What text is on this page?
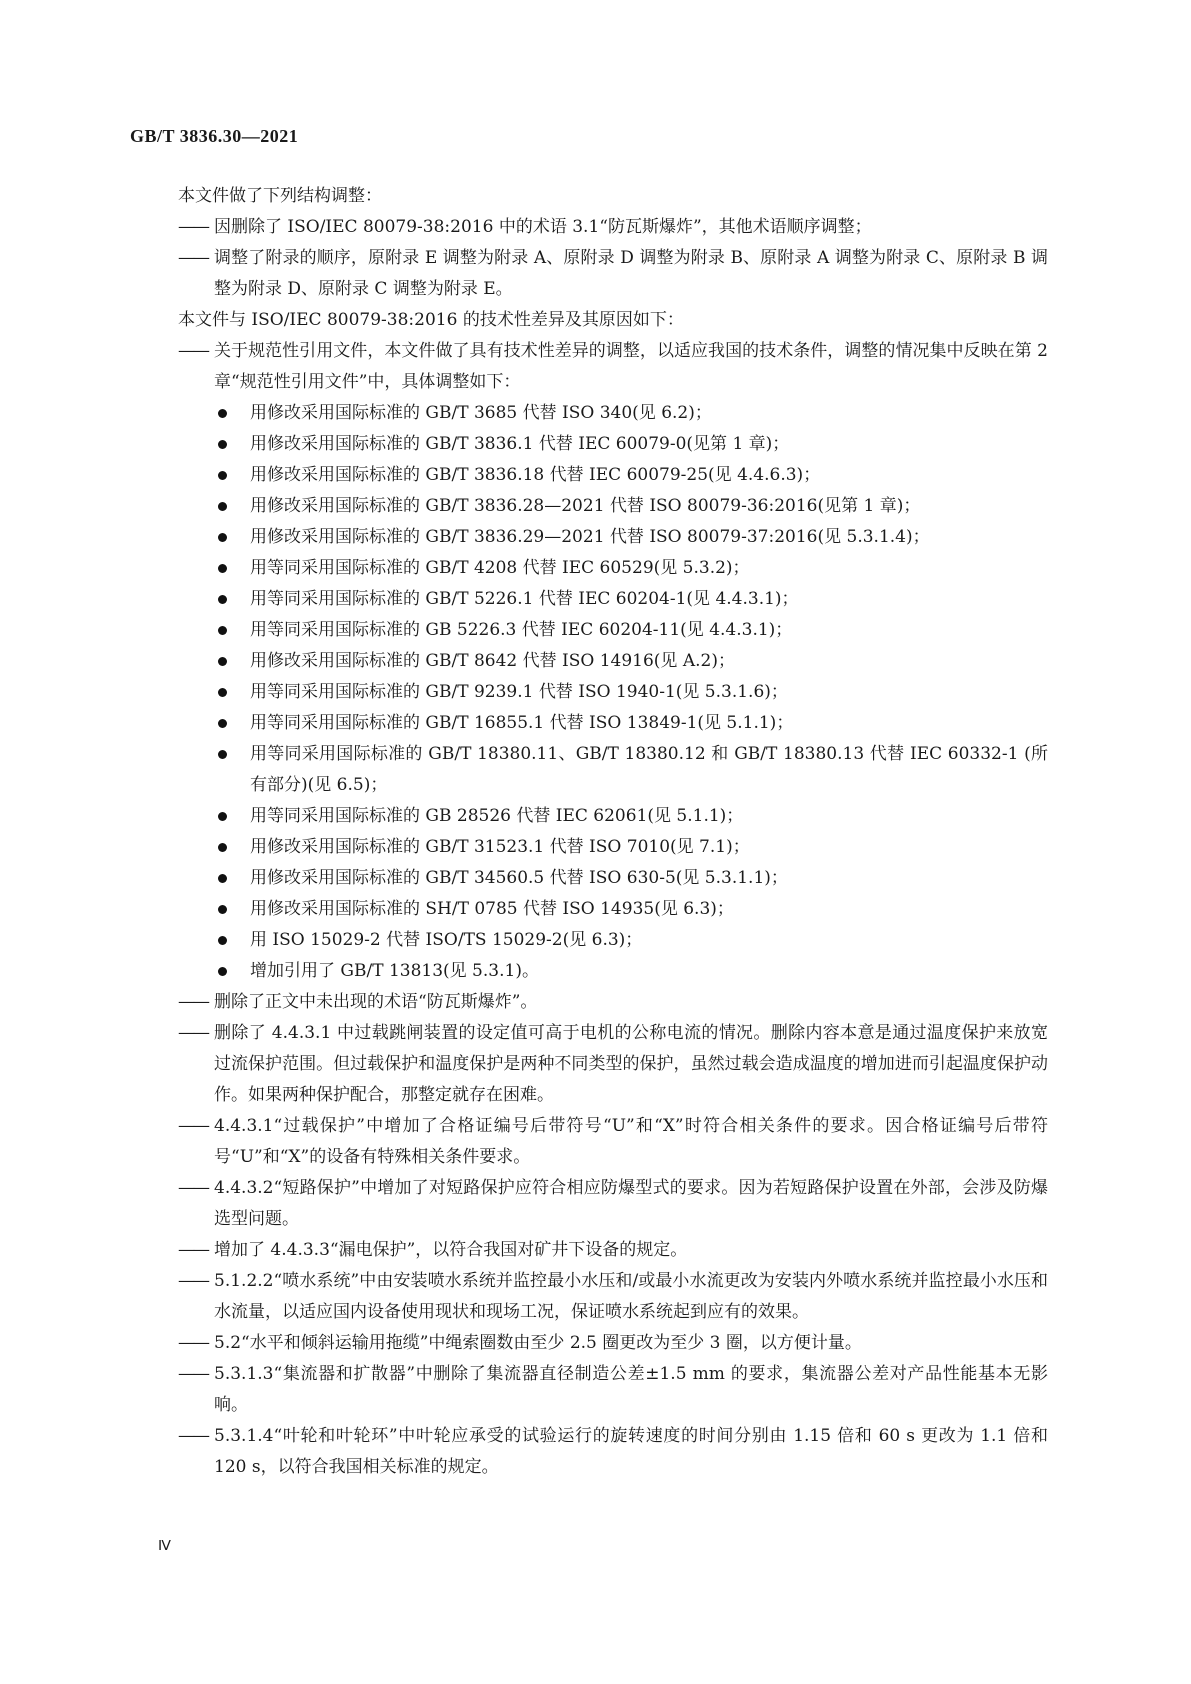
GB/T 3836.30—2021

本文件做了下列结构调整：

—— 因删除了 ISO/IEC 80079-38:2016 中的术语 3.1“防瓦斯爆炸”，其他术语顺序调整；
—— 调整了附录的顺序，原附录 E 调整为附录 A、原附录 D 调整为附录 B、原附录 A 调整为附录 C、原附录 B 调整为附录 D、原附录 C 调整为附录 E。

本文件与 ISO/IEC 80079-38:2016 的技术性差异及其原因如下：

—— 关于规范性引用文件，本文件做了具有技术性差异的调整，以适应我国的技术条件，调整的情况集中反映在第 2 章“规范性引用文件”中，具体调整如下：
用修改采用国际标准的 GB/T 3685 代替 ISO 340(见 6.2)；
用修改采用国际标准的 GB/T 3836.1 代替 IEC 60079-0(见第 1 章)；
用修改采用国际标准的 GB/T 3836.18 代替 IEC 60079-25(见 4.4.6.3)；
用修改采用国际标准的 GB/T 3836.28—2021 代替 ISO 80079-36:2016(见第 1 章)；
用修改采用国际标准的 GB/T 3836.29—2021 代替 ISO 80079-37:2016(见 5.3.1.4)；
用等同采用国际标准的 GB/T 4208 代替 IEC 60529(见 5.3.2)；
用等同采用国际标准的 GB/T 5226.1 代替 IEC 60204-1(见 4.4.3.1)；
用等同采用国际标准的 GB 5226.3 代替 IEC 60204-11(见 4.4.3.1)；
用修改采用国际标准的 GB/T 8642 代替 ISO 14916(见 A.2)；
用等同采用国际标准的 GB/T 9239.1 代替 ISO 1940-1(见 5.3.1.6)；
用等同采用国际标准的 GB/T 16855.1 代替 ISO 13849-1(见 5.1.1)；
用等同采用国际标准的 GB/T 18380.11、GB/T 18380.12 和 GB/T 18380.13 代替 IEC 60332-1 (所有部分)(见 6.5)；
用等同采用国际标准的 GB 28526 代替 IEC 62061(见 5.1.1)；
用修改采用国际标准的 GB/T 31523.1 代替 ISO 7010(见 7.1)；
用修改采用国际标准的 GB/T 34560.5 代替 ISO 630-5(见 5.3.1.1)；
用修改采用国际标准的 SH/T 0785 代替 ISO 14935(见 6.3)；
用 ISO 15029-2 代替 ISO/TS 15029-2(见 6.3)；
增加引用了 GB/T 13813(见 5.3.1)。
—— 删除了正文中未出现的术语“防瓦斯爆炸”。
—— 删除了 4.4.3.1 中过载跳闸装置的设定值可高于电机的公称电流的情况。删除内容本意是通过温度保护来放宽过流保护范围。但过载保护和温度保护是两种不同类型的保护，虽然过载会造成温度的增加进而引起温度保护动作。如果两种保护配合，那整定就存在困难。
—— 4.4.3.1“过载保护”中增加了合格证编号后带符号“U”和“X”时符合相关条件的要求。因合格证编号后带符号“U”和“X”的设备有特殊相关条件要求。
—— 4.4.3.2“短路保护”中增加了对短路保护应符合相应防爆型式的要求。因为若短路保护设置在外部，会涉及防爆选型问题。
—— 增加了 4.4.3.3“漏电保护”，以符合我国对矿井下设备的规定。
—— 5.1.2.2“喷水系统”中由安装喷水系统并监控最小水压和/或最小水流更改为安装内外喷水系统并监控最小水压和水流量，以适应国内设备使用现状和现场工况，保证喷水系统起到应有的效果。
—— 5.2“水平和倾斜运输用拖缆”中绳索圈数由至少 2.5 圈更改为至少 3 圈，以方便计量。
—— 5.3.1.3“集流器和扩散器”中删除了集流器直径制造公差±1.5 mm 的要求，集流器公差对产品性能基本无影响。
—— 5.3.1.4“叶轮和叶轮环”中叶轮应承受的试验运行的旋转速度的时间分别由 1.15 倍和 60 s 更改为 1.1 倍和 120 s，以符合我国相关标准的规定。
Ⅳ
